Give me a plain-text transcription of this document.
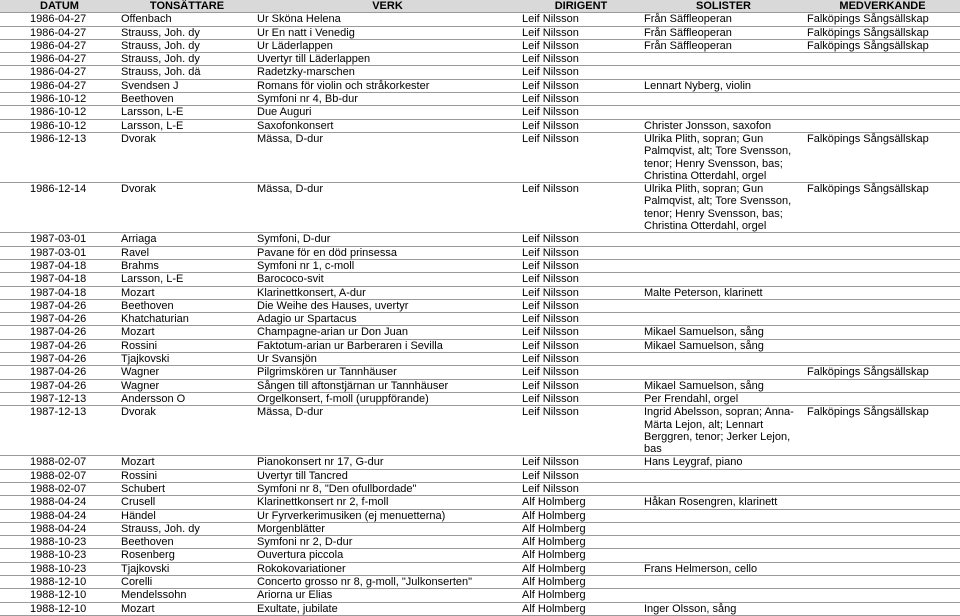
DATUM	TONSÄTTARE	VERK	DIRIGENT	SOLISTER	MEDVERKANDE
1986-04-27	Offenbach	Ur Sköna Helena	Leif Nilsson	Från Säffleoperan	Falköpings Sångsällskap
1986-04-27	Strauss, Joh. dy	Ur En natt i Venedig	Leif Nilsson	Från Säffleoperan	Falköpings Sångsällskap
1986-04-27	Strauss, Joh. dy	Ur Läderlappen	Leif Nilsson	Från Säffleoperan	Falköpings Sångsällskap
1986-04-27	Strauss, Joh. dy	Uvertyr till Läderlappen	Leif Nilsson		
1986-04-27	Strauss, Joh. dä	Radetzky-marschen	Leif Nilsson		
1986-04-27	Svendsen J	Romans för violin och stråkorkester	Leif Nilsson	Lennart Nyberg, violin	
1986-10-12	Beethoven	Symfoni nr 4, Bb-dur	Leif Nilsson		
1986-10-12	Larsson, L-E	Due Auguri	Leif Nilsson		
1986-10-12	Larsson, L-E	Saxofonkonsert	Leif Nilsson	Christer Jonsson, saxofon	
1986-12-13	Dvorak	Mässa, D-dur	Leif Nilsson	Ulrika Plith, sopran; Gun Palmqvist, alt; Tore Svensson, tenor; Henry Svensson, bas; Christina Otterdahl, orgel	Falköpings Sångsällskap
1986-12-14	Dvorak	Mässa, D-dur	Leif Nilsson	Ulrika Plith, sopran; Gun Palmqvist, alt; Tore Svensson, tenor; Henry Svensson, bas; Christina Otterdahl, orgel	Falköpings Sångsällskap
1987-03-01	Arriaga	Symfoni, D-dur	Leif Nilsson		
1987-03-01	Ravel	Pavane för en död prinsessa	Leif Nilsson		
1987-04-18	Brahms	Symfoni nr 1, c-moll	Leif Nilsson		
1987-04-18	Larsson, L-E	Barococo-svit	Leif Nilsson		
1987-04-18	Mozart	Klarinettkonsert, A-dur	Leif Nilsson	Malte Peterson, klarinett	
1987-04-26	Beethoven	Die Weihe des Hauses, uvertyr	Leif Nilsson		
1987-04-26	Khatchaturian	Adagio ur Spartacus	Leif Nilsson		
1987-04-26	Mozart	Champagne-arian ur Don Juan	Leif Nilsson	Mikael Samuelson, sång	
1987-04-26	Rossini	Faktotum-arian ur Barberaren i Sevilla	Leif Nilsson	Mikael Samuelson, sång	
1987-04-26	Tjajkovski	Ur Svansjön	Leif Nilsson		
1987-04-26	Wagner	Pilgrimskören ur Tannhäuser	Leif Nilsson		Falköpings Sångsällskap
1987-04-26	Wagner	Sången till aftonstjärnan ur Tannhäuser	Leif Nilsson	Mikael Samuelson, sång	
1987-12-13	Andersson O	Orgelkonsert, f-moll (uruppförande)	Leif Nilsson	Per Frendahl, orgel	
1987-12-13	Dvorak	Mässa, D-dur	Leif Nilsson	Ingrid Abelsson, sopran; Anna-Märta Lejon, alt; Lennart Berggren, tenor; Jerker Lejon, bas	Falköpings Sångsällskap
1988-02-07	Mozart	Pianokonsert nr 17, G-dur	Leif Nilsson	Hans Leygraf, piano	
1988-02-07	Rossini	Uvertyr till Tancred	Leif Nilsson		
1988-02-07	Schubert	Symfoni nr 8, "Den ofullbordade"	Leif Nilsson		
1988-04-24	Crusell	Klarinettkonsert nr 2, f-moll	Alf Holmberg	Håkan Rosengren, klarinett	
1988-04-24	Händel	Ur Fyrverkerimusiken (ej menuetterna)	Alf Holmberg		
1988-04-24	Strauss, Joh. dy	Morgenblätter	Alf Holmberg		
1988-10-23	Beethoven	Symfoni nr 2, D-dur	Alf Holmberg		
1988-10-23	Rosenberg	Ouvertura piccola	Alf Holmberg		
1988-10-23	Tjajkovski	Rokokovariationer	Alf Holmberg	Frans Helmerson, cello	
1988-12-10	Corelli	Concerto grosso nr 8, g-moll, "Julkonserten"	Alf Holmberg		
1988-12-10	Mendelssohn	Ariorna ur Elias	Alf Holmberg		
1988-12-10	Mozart	Exultate, jubilate	Alf Holmberg	Inger Olsson, sång	
